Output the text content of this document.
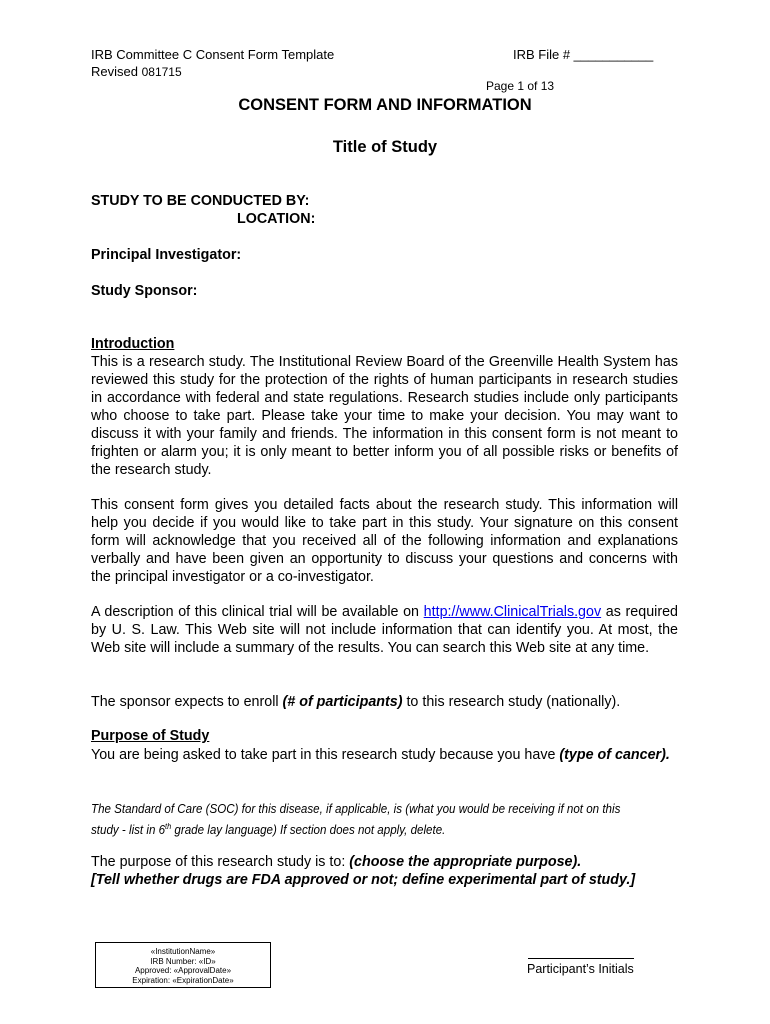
IRB Committee C Consent Form Template
Revised 081715
IRB File # ___________
Page 1 of 13
CONSENT FORM AND INFORMATION
Title of Study
STUDY TO BE CONDUCTED BY:
LOCATION:
Principal Investigator:
Study Sponsor:
Introduction
This is a research study. The Institutional Review Board of the Greenville Health System has reviewed this study for the protection of the rights of human participants in research studies in accordance with federal and state regulations. Research studies include only participants who choose to take part. Please take your time to make your decision. You may want to discuss it with your family and friends. The information in this consent form is not meant to frighten or alarm you; it is only meant to better inform you of all possible risks or benefits of the research study.
This consent form gives you detailed facts about the research study. This information will help you decide if you would like to take part in this study. Your signature on this consent form will acknowledge that you received all of the following information and explanations verbally and have been given an opportunity to discuss your questions and concerns with the principal investigator or a co-investigator.
A description of this clinical trial will be available on http://www.ClinicalTrials.gov as required by U. S. Law. This Web site will not include information that can identify you. At most, the Web site will include a summary of the results. You can search this Web site at any time.
The sponsor expects to enroll (# of participants) to this research study (nationally).
Purpose of Study
You are being asked to take part in this research study because you have (type of cancer).
The Standard of Care (SOC) for this disease, if applicable, is (what you would be receiving if not on this
study - list in 6th grade lay language) If section does not apply, delete.
The purpose of this research study is to: (choose the appropriate purpose).
[Tell whether drugs are FDA approved or not; define experimental part of study.]
«InstitutionName»
IRB Number: «ID»
Approved: «ApprovalDate»
Expiration: «ExpirationDate»
Participant’s Initials
